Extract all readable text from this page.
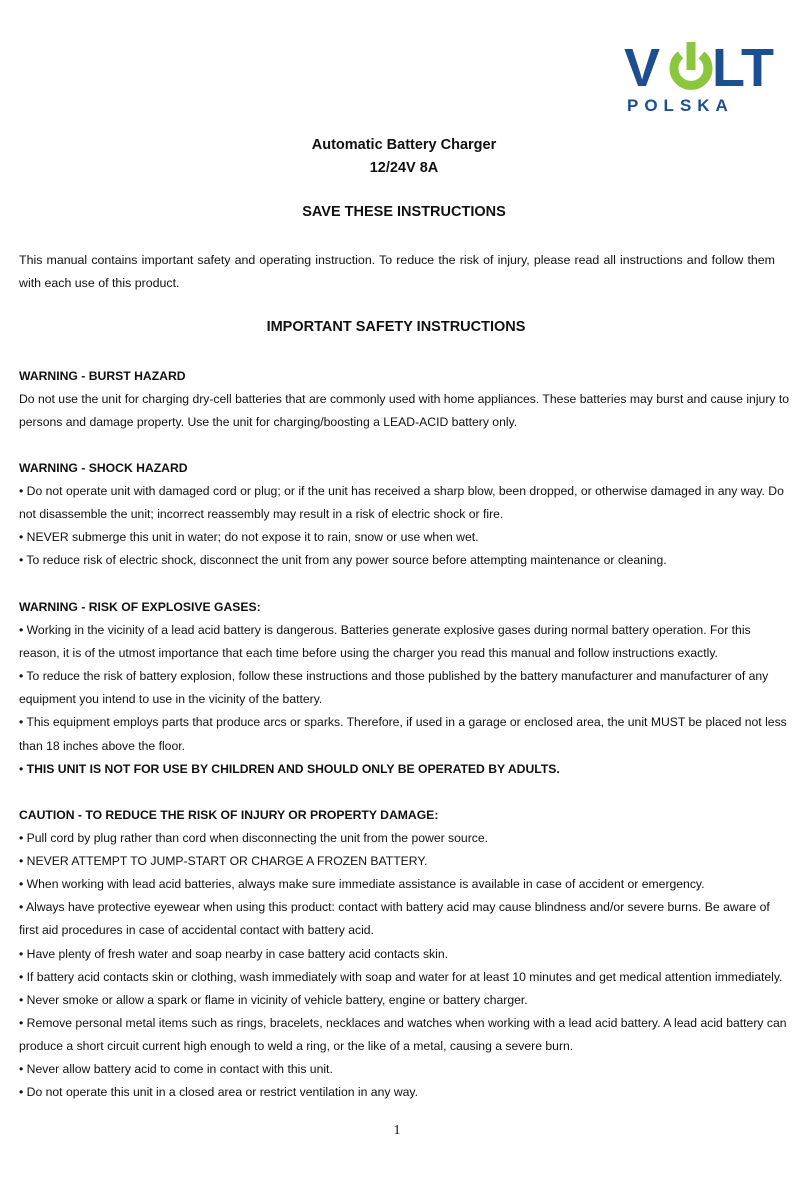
V LT
POLSKA
Automatic Battery Charger
12/24V 8A
SAVE THESE INSTRUCTIONS
This manual contains important safety and operating instruction. To reduce the risk of injury, please read all instructions and follow them with each use of this product.
IMPORTANT SAFETY INSTRUCTIONS
WARNING - BURST HAZARD

Do not use the unit for charging dry-cell batteries that are commonly used with home appliances. These batteries may burst and cause injury to persons and damage property. Use the unit for charging/boosting a LEAD-ACID battery only.

WARNING - SHOCK HAZARD

• Do not operate unit with damaged cord or plug; or if the unit has received a sharp blow, been dropped, or otherwise damaged in any way. Do not disassemble the unit; incorrect reassembly may result in a risk of electric shock or fire.

• NEVER submerge this unit in water; do not expose it to rain, snow or use when wet.

• To reduce risk of electric shock, disconnect the unit from any power source before attempting maintenance or cleaning.

WARNING - RISK OF EXPLOSIVE GASES:

• Working in the vicinity of a lead acid battery is dangerous. Batteries generate explosive gases during normal battery operation. For this reason, it is of the utmost importance that each time before using the charger you read this manual and follow instructions exactly.

• To reduce the risk of battery explosion, follow these instructions and those published by the battery manufacturer and manufacturer of any equipment you intend to use in the vicinity of the battery.

• This equipment employs parts that produce arcs or sparks. Therefore, if used in a garage or enclosed area, the unit MUST be placed not less than 18 inches above the floor.

• THIS UNIT IS NOT FOR USE BY CHILDREN AND SHOULD ONLY BE OPERATED BY ADULTS.

CAUTION - TO REDUCE THE RISK OF INJURY OR PROPERTY DAMAGE:

• Pull cord by plug rather than cord when disconnecting the unit from the power source.

• NEVER ATTEMPT TO JUMP-START OR CHARGE A FROZEN BATTERY.

• When working with lead acid batteries, always make sure immediate assistance is available in case of accident or emergency.

• Always have protective eyewear when using this product: contact with battery acid may cause blindness and/or severe burns. Be aware of first aid procedures in case of accidental contact with battery acid.

• Have plenty of fresh water and soap nearby in case battery acid contacts skin.

• If battery acid contacts skin or clothing, wash immediately with soap and water for at least 10 minutes and get medical attention immediately.

• Never smoke or allow a spark or flame in vicinity of vehicle battery, engine or battery charger.

• Remove personal metal items such as rings, bracelets, necklaces and watches when working with a lead acid battery. A lead acid battery can produce a short circuit current high enough to weld a ring, or the like of a metal, causing a severe burn.

• Never allow battery acid to come in contact with this unit.

• Do not operate this unit in a closed area or restrict ventilation in any way.

1
